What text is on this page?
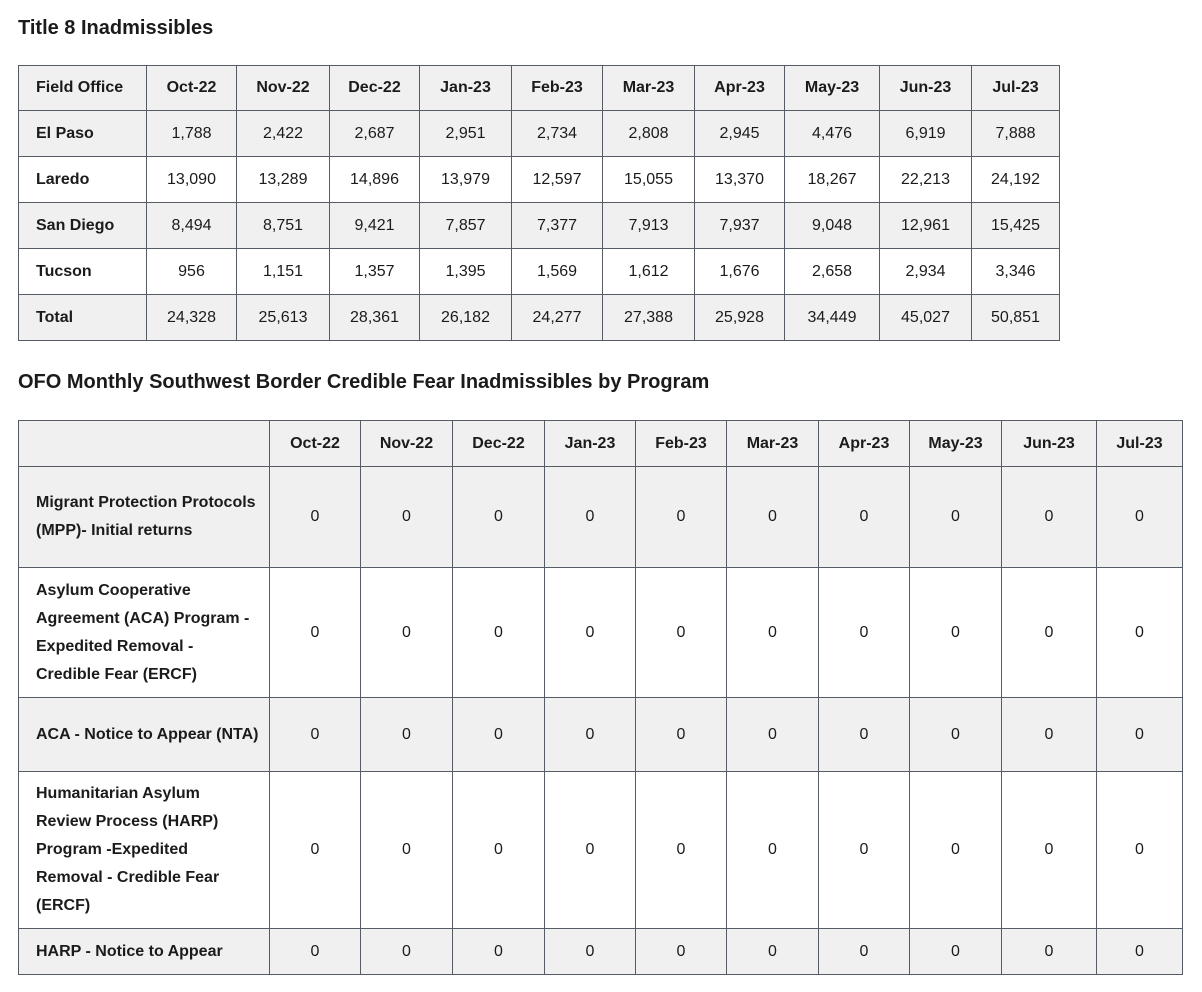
Title 8 Inadmissibles
Field Office	Oct-22	Nov-22	Dec-22	Jan-23	Feb-23	Mar-23	Apr-23	May-23	Jun-23	Jul-23
El Paso	1,788	2,422	2,687	2,951	2,734	2,808	2,945	4,476	6,919	7,888
Laredo	13,090	13,289	14,896	13,979	12,597	15,055	13,370	18,267	22,213	24,192
San Diego	8,494	8,751	9,421	7,857	7,377	7,913	7,937	9,048	12,961	15,425
Tucson	956	1,151	1,357	1,395	1,569	1,612	1,676	2,658	2,934	3,346
Total	24,328	25,613	28,361	26,182	24,277	27,388	25,928	34,449	45,027	50,851
OFO Monthly Southwest Border Credible Fear Inadmissibles by Program
	Oct-22	Nov-22	Dec-22	Jan-23	Feb-23	Mar-23	Apr-23	May-23	Jun-23	Jul-23
Migrant Protection Protocols (MPP)- Initial returns	0	0	0	0	0	0	0	0	0	0
Asylum Cooperative Agreement (ACA) Program - Expedited Removal - Credible Fear (ERCF)	0	0	0	0	0	0	0	0	0	0
ACA - Notice to Appear (NTA)	0	0	0	0	0	0	0	0	0	0
Humanitarian Asylum Review Process (HARP) Program -Expedited Removal - Credible Fear (ERCF)	0	0	0	0	0	0	0	0	0	0
HARP - Notice to Appear	0	0	0	0	0	0	0	0	0	0
